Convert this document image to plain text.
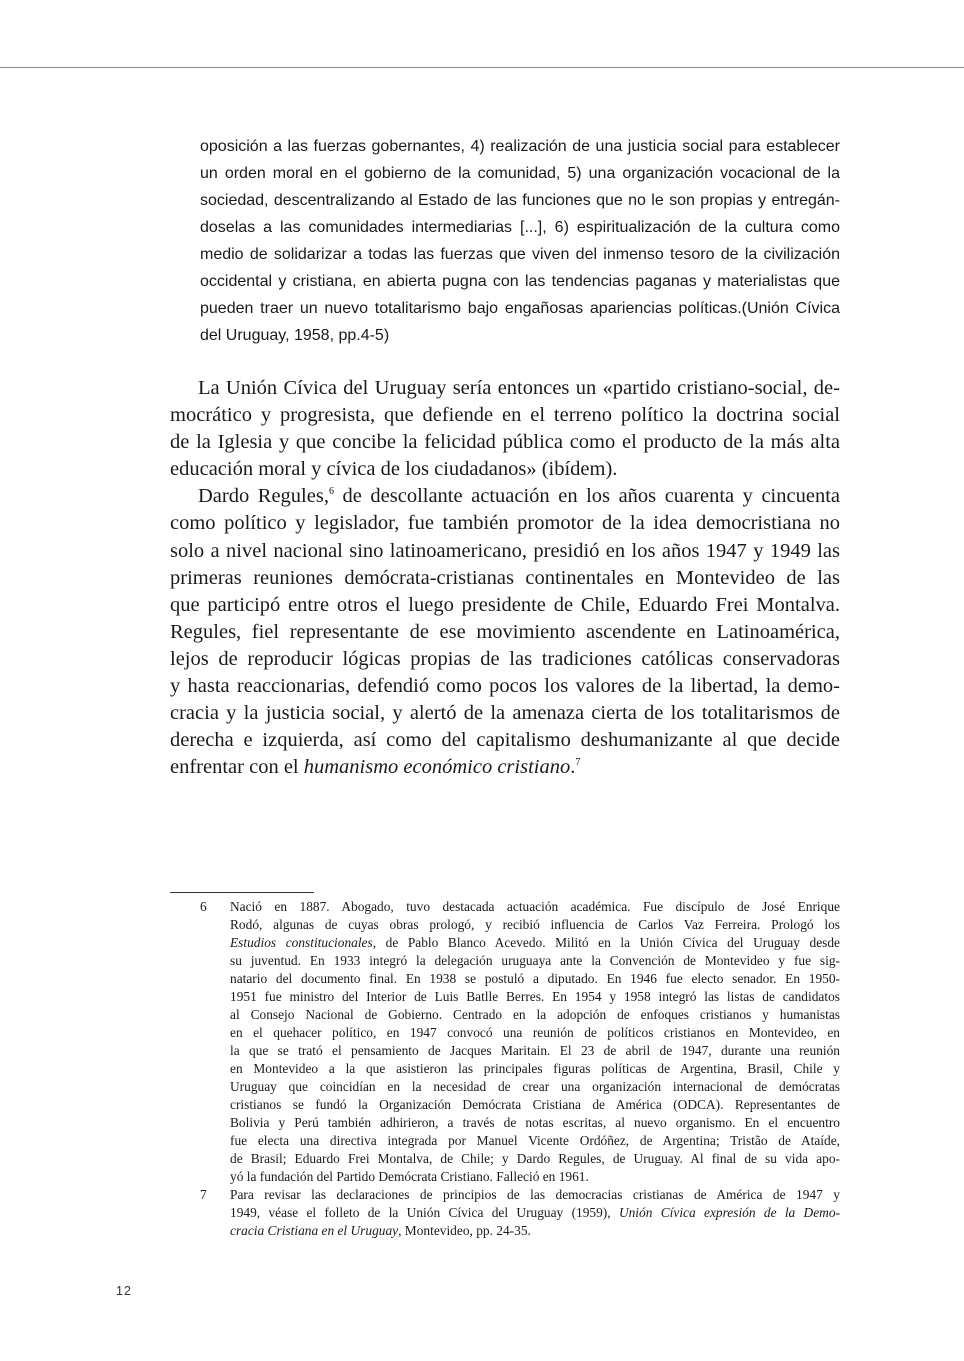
oposición a las fuerzas gobernantes, 4) realización de una justicia social para establecer
un orden moral en el gobierno de la comunidad, 5) una organización vocacional de la
sociedad, descentralizando al Estado de las funciones que no le son propias y entregán-
doselas a las comunidades intermediarias [...], 6) espiritualización de la cultura como
medio de solidarizar a todas las fuerzas que viven del inmenso tesoro de la civilización
occidental y cristiana, en abierta pugna con las tendencias paganas y materialistas que
pueden traer un nuevo totalitarismo bajo engañosas apariencias políticas.(Unión Cívica
del Uruguay, 1958, pp.4-5)
La Unión Cívica del Uruguay sería entonces un «partido cristiano-social, de-
mocrático y progresista, que defiende en el terreno político la doctrina social
de la Iglesia y que concibe la felicidad pública como el producto de la más alta
educación moral y cívica de los ciudadanos» (ibídem).
Dardo Regules,$^6$ de descollante actuación en los años cuarenta y cincuenta
como político y legislador, fue también promotor de la idea democristiana no
solo a nivel nacional sino latinoamericano, presidió en los años 1947 y 1949 las
primeras reuniones demócrata-cristianas continentales en Montevideo de las
que participó entre otros el luego presidente de Chile, Eduardo Frei Montalva.
Regules, fiel representante de ese movimiento ascendente en Latinoamérica,
lejos de reproducir lógicas propias de las tradiciones católicas conservadoras
y hasta reaccionarias, defendió como pocos los valores de la libertad, la demo-
cracia y la justicia social, y alertó de la amenaza cierta de los totalitarismos de
derecha e izquierda, así como del capitalismo deshumanizante al que decide
enfrentar con el humanismo económico cristiano.$^7$
6 Nació en 1887. Abogado, tuvo destacada actuación académica. Fue discípulo de José Enrique
Rodó, algunas de cuyas obras prologó, y recibió influencia de Carlos Vaz Ferreira. Prologó los
Estudios constitucionales, de Pablo Blanco Acevedo. Militó en la Unión Cívica del Uruguay desde
su juventud. En 1933 integró la delegación uruguaya ante la Convención de Montevideo y fue sig-
natario del documento final. En 1938 se postuló a diputado. En 1946 fue electo senador. En 1950-
1951 fue ministro del Interior de Luis Batlle Berres. En 1954 y 1958 integró las listas de candidatos
al Consejo Nacional de Gobierno. Centrado en la adopción de enfoques cristianos y humanistas
en el quehacer político, en 1947 convocó una reunión de políticos cristianos en Montevideo, en
la que se trató el pensamiento de Jacques Maritain. El 23 de abril de 1947, durante una reunión
en Montevideo a la que asistieron las principales figuras políticas de Argentina, Brasil, Chile y
Uruguay que coincidían en la necesidad de crear una organización internacional de demócratas
cristianos se fundó la Organización Demócrata Cristiana de América (ODCA). Representantes de
Bolivia y Perú también adhirieron, a través de notas escritas, al nuevo organismo. En el encuentro
fue electa una directiva integrada por Manuel Vicente Ordóñez, de Argentina; Tristão de Ataíde,
de Brasil; Eduardo Frei Montalva, de Chile; y Dardo Regules, de Uruguay. Al final de su vida apo-
yó la fundación del Partido Demócrata Cristiano. Falleció en 1961.
7 Para revisar las declaraciones de principios de las democracias cristianas de América de 1947 y
1949, véase el folleto de la Unión Cívica del Uruguay (1959), Unión Cívica expresión de la Demo-
cracia Cristiana en el Uruguay, Montevideo, pp. 24-35.
12
